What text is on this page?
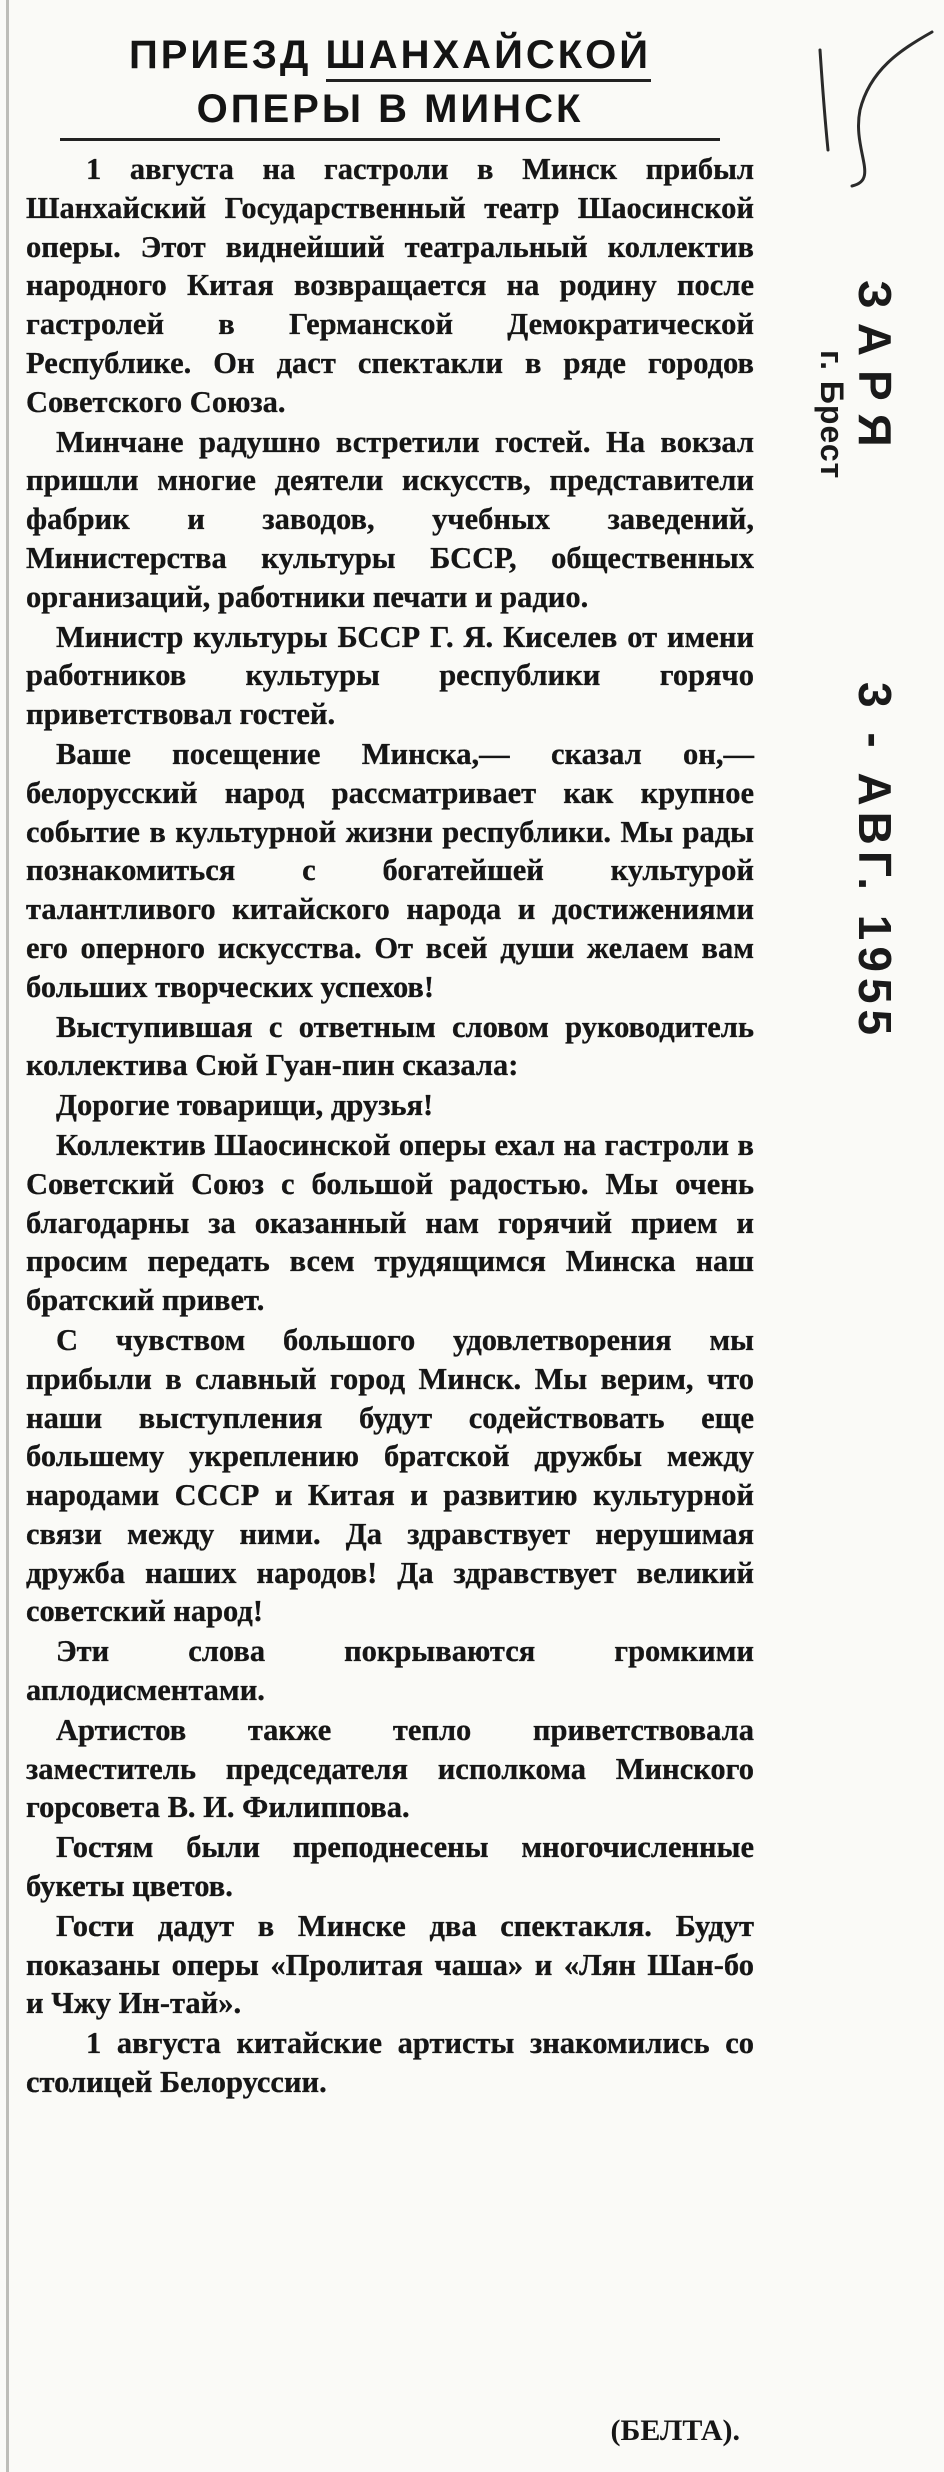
ПРИЕЗД ШАНХАЙСКОЙ
ОПЕРЫ В МИНСК
ЗАРЯ
г. Брест
3 - АВГ. 1955

1 августа на гастроли в Минск прибыл Шанхайский Государственный театр Шаосинской оперы. Этот виднейший театральный коллектив народного Китая возвращается на родину после гастролей в Германской Демократической Республике. Он даст спектакли в ряде городов Советского Союза.

Минчане радушно встретили гостей. На вокзал пришли многие деятели искусств, представители фабрик и заводов, учебных заведений, Министерства культуры БССР, общественных организаций, работники печати и радио.

Министр культуры БССР Г. Я. Киселев от имени работников культуры республики горячо приветствовал гостей.

Ваше посещение Минска,— сказал он,— белорусский народ рассматривает как крупное событие в культурной жизни республики. Мы рады познакомиться с богатейшей культурой талантливого китайского народа и достижениями его оперного искусства. От всей души желаем вам больших творческих успехов!

Выступившая с ответным словом руководитель коллектива Сюй Гуан-пин сказала:

Дорогие товарищи, друзья!

Коллектив Шаосинской оперы ехал на гастроли в Советский Союз с большой радостью. Мы очень благодарны за оказанный нам горячий прием и просим передать всем трудящимся Минска наш братский привет.

С чувством большого удовлетворения мы прибыли в славный город Минск. Мы верим, что наши выступления будут содействовать еще большему укреплению братской дружбы между народами СССР и Китая и развитию культурной связи между ними. Да здравствует нерушимая дружба наших народов! Да здравствует великий советский народ!

Эти слова покрываются громкими аплодисментами.

Артистов также тепло приветствовала заместитель председателя исполкома Минского горсовета В. И. Филиппова.

Гостям были преподнесены многочисленные букеты цветов.

Гости дадут в Минске два спектакля. Будут показаны оперы «Пролитая чаша» и «Лян Шан-бо и Чжу Ин-тай».

1 августа китайские артисты знакомились со столицей Белоруссии.

(БЕЛТА).
